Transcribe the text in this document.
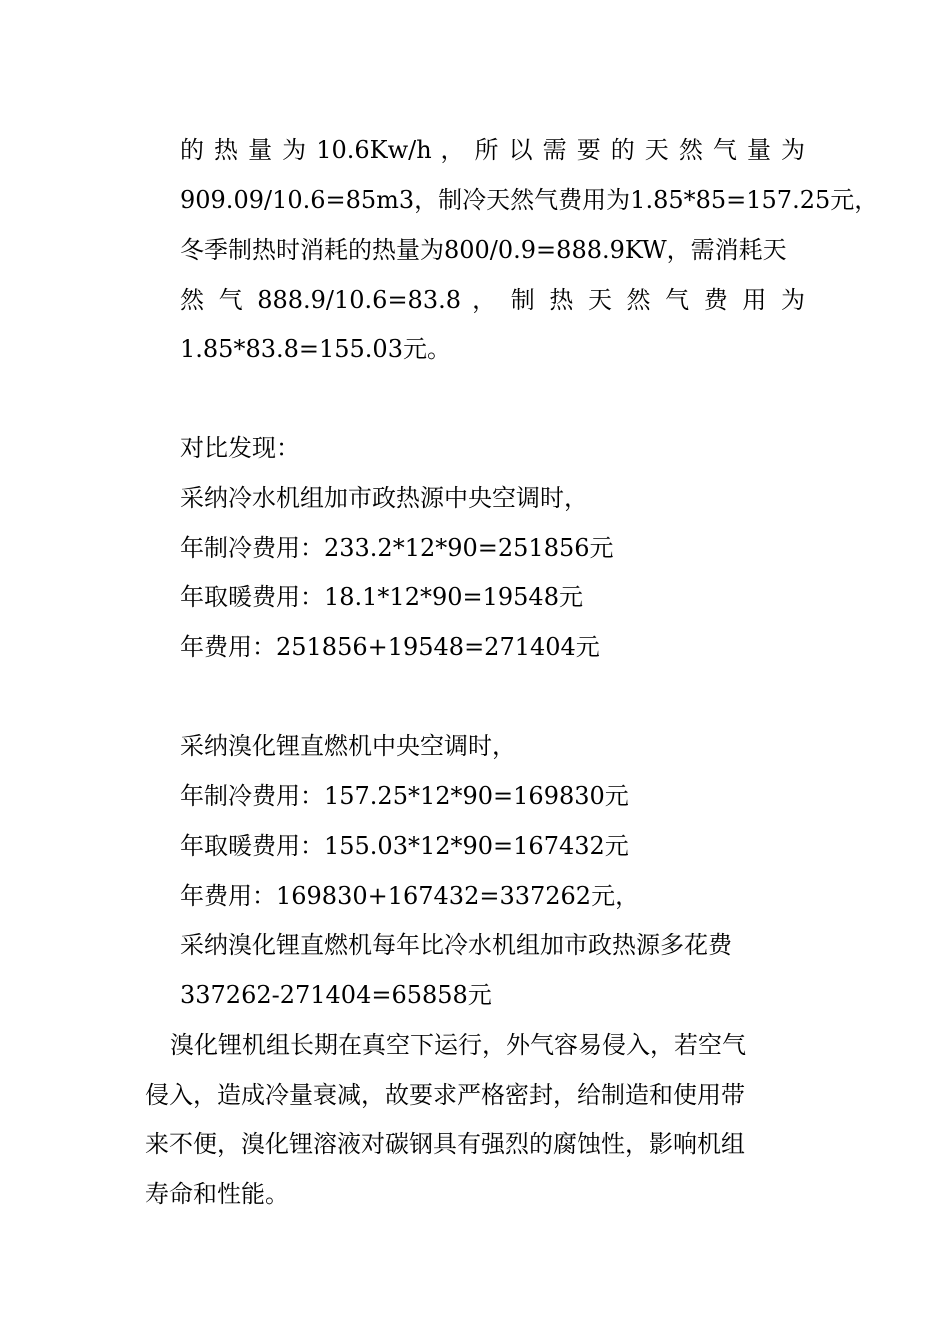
的 热 量 为 10.6Kw/h ， 所 以 需 要 的 天 然 气 量 为
909.09/10.6=85m3，制冷天然气费用为1.85*85=157.25元，
冬季制热时消耗的热量为800/0.9=888.9KW，需消耗天
然 气 888.9/10.6=83.8 ， 制 热 天 然 气 费 用 为
1.85*83.8=155.03元。
对比发现：
采纳冷水机组加市政热源中央空调时，
年制冷费用：233.2*12*90=251856元
年取暖费用：18.1*12*90=19548元
年费用：251856+19548=271404元
采纳溴化锂直燃机中央空调时，
年制冷费用：157.25*12*90=169830元
年取暖费用：155.03*12*90=167432元
年费用：169830+167432=337262元，
采纳溴化锂直燃机每年比冷水机组加市政热源多花费
337262-271404=65858元
溴化锂机组长期在真空下运行，外气容易侵入，若空气
侵入，造成冷量衰减，故要求严格密封，给制造和使用带
来不便，溴化锂溶液对碳钢具有强烈的腐蚀性，影响机组
寿命和性能。
